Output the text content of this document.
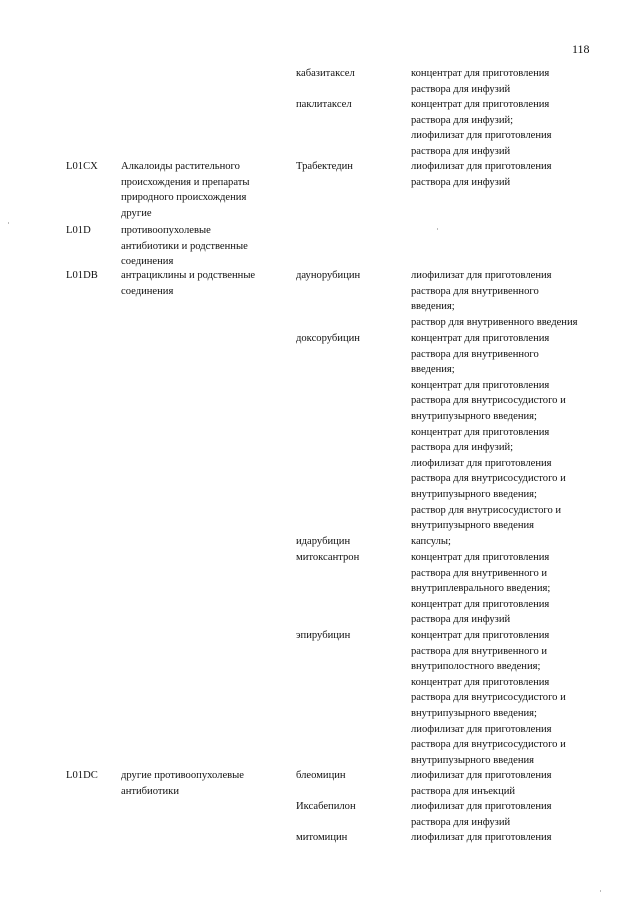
118
кабазитаксел	концентрат для приготовления
раствора для инфузий
паклитаксел	концентрат для приготовления
раствора для инфузий;
лиофилизат для приготовления
раствора для инфузий
L01CX Алкалоиды растительного
происхождения и препараты
природного происхождения
другие
Трабектедин	лиофилизат для приготовления
раствора для инфузий
L01D	противоопухолевые
антибиотики и родственные
соединения
L01DB антрациклины и родственные
соединения
даунорубицин	лиофилизат для приготовления
раствора для внутривенного
введения;
раствор для внутривенного введения
доксорубицин	концентрат для приготовления
раствора для внутривенного
введения;
концентрат для приготовления
раствора для внутрисосудистого и
внутрипузырного введения;
концентрат для приготовления
раствора для инфузий;
лиофилизат для приготовления
раствора для внутрисосудистого и
внутрипузырного введения;
раствор для внутрисосудистого и
внутрипузырного введения
идарубицин	капсулы;
митоксантрон	концентрат для приготовления
раствора для внутривенного и
внутриплеврального введения;
концентрат для приготовления
раствора для инфузий
эпирубицин	концентрат для приготовления
раствора для внутривенного и
внутриполостного введения;
концентрат для приготовления
раствора для внутрисосудистого и
внутрипузырного введения;
лиофилизат для приготовления
раствора для внутрисосудистого и
внутрипузырного введения
L01DC другие противоопухолевые
антибиотики
блеомицин	лиофилизат для приготовления
раствора для инъекций
Иксабепилон	лиофилизат для приготовления
раствора для инфузий
митомицин	лиофилизат для приготовления
